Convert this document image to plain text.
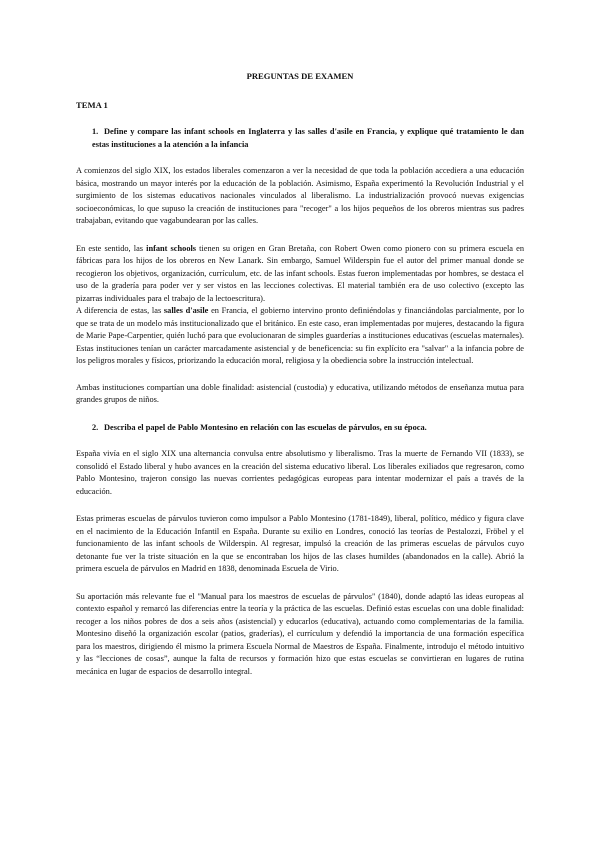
PREGUNTAS DE EXAMEN
TEMA 1
1. Define y compare las infant schools en Inglaterra y las salles d'asile en Francia, y explique qué tratamiento le dan estas instituciones a la atención a la infancia

A comienzos del siglo XIX, los estados liberales comenzaron a ver la necesidad de que toda la población accediera a una educación básica, mostrando un mayor interés por la educación de la población. Asimismo, España experimentó la Revolución Industrial y el surgimiento de los sistemas educativos nacionales vinculados al liberalismo. La industrialización provocó nuevas exigencias socioeconómicas, lo que supuso la creación de instituciones para "recoger" a los hijos pequeños de los obreros mientras sus padres trabajaban, evitando que vagabundearan por las calles.

En este sentido, las infant schools tienen su origen en Gran Bretaña, con Robert Owen como pionero con su primera escuela en fábricas para los hijos de los obreros en New Lanark. Sin embargo, Samuel Wilderspin fue el autor del primer manual donde se recogieron los objetivos, organización, currículum, etc. de las infant schools. Estas fueron implementadas por hombres, se destaca el uso de la gradería para poder ver y ser vistos en las lecciones colectivas. El material también era de uso colectivo (excepto las pizarras individuales para el trabajo de la lectoescritura).

A diferencia de estas, las salles d'asile en Francia, el gobierno intervino pronto definiéndolas y financiándolas parcialmente, por lo que se trata de un modelo más institucionalizado que el británico. En este caso, eran implementadas por mujeres, destacando la figura de Marie Pape-Carpentier, quién luchó para que evolucionaran de simples guarderías a instituciones educativas (escuelas maternales). Estas instituciones tenían un carácter marcadamente asistencial y de beneficencia: su fin explícito era "salvar" a la infancia pobre de los peligros morales y físicos, priorizando la educación moral, religiosa y la obediencia sobre la instrucción intelectual.

Ambas instituciones compartían una doble finalidad: asistencial (custodia) y educativa, utilizando métodos de enseñanza mutua para grandes grupos de niños.

2. Describa el papel de Pablo Montesino en relación con las escuelas de párvulos, en su época.

España vivía en el siglo XIX una alternancia convulsa entre absolutismo y liberalismo. Tras la muerte de Fernando VII (1833), se consolidó el Estado liberal y hubo avances en la creación del sistema educativo liberal. Los liberales exiliados que regresaron, como Pablo Montesino, trajeron consigo las nuevas corrientes pedagógicas europeas para intentar modernizar el país a través de la educación.

Estas primeras escuelas de párvulos tuvieron como impulsor a Pablo Montesino (1781-1849), liberal, político, médico y figura clave en el nacimiento de la Educación Infantil en España. Durante su exilio en Londres, conoció las teorías de Pestalozzi, Fröbel y el funcionamiento de las infant schools de Wilderspin. Al regresar, impulsó la creación de las primeras escuelas de párvulos cuyo detonante fue ver la triste situación en la que se encontraban los hijos de las clases humildes (abandonados en la calle). Abrió la primera escuela de párvulos en Madrid en 1838, denominada Escuela de Virio.

Su aportación más relevante fue el "Manual para los maestros de escuelas de párvulos" (1840), donde adaptó las ideas europeas al contexto español y remarcó las diferencias entre la teoría y la práctica de las escuelas. Definió estas escuelas con una doble finalidad: recoger a los niños pobres de dos a seis años (asistencial) y educarlos (educativa), actuando como complementarias de la familia. Montesino diseñó la organización escolar (patios, graderías), el currículum y defendió la importancia de una formación específica para los maestros, dirigiendo él mismo la primera Escuela Normal de Maestros de España. Finalmente, introdujo el método intuitivo y las “lecciones de cosas”, aunque la falta de recursos y formación hizo que estas escuelas se convirtieran en lugares de rutina mecánica en lugar de espacios de desarrollo integral.
